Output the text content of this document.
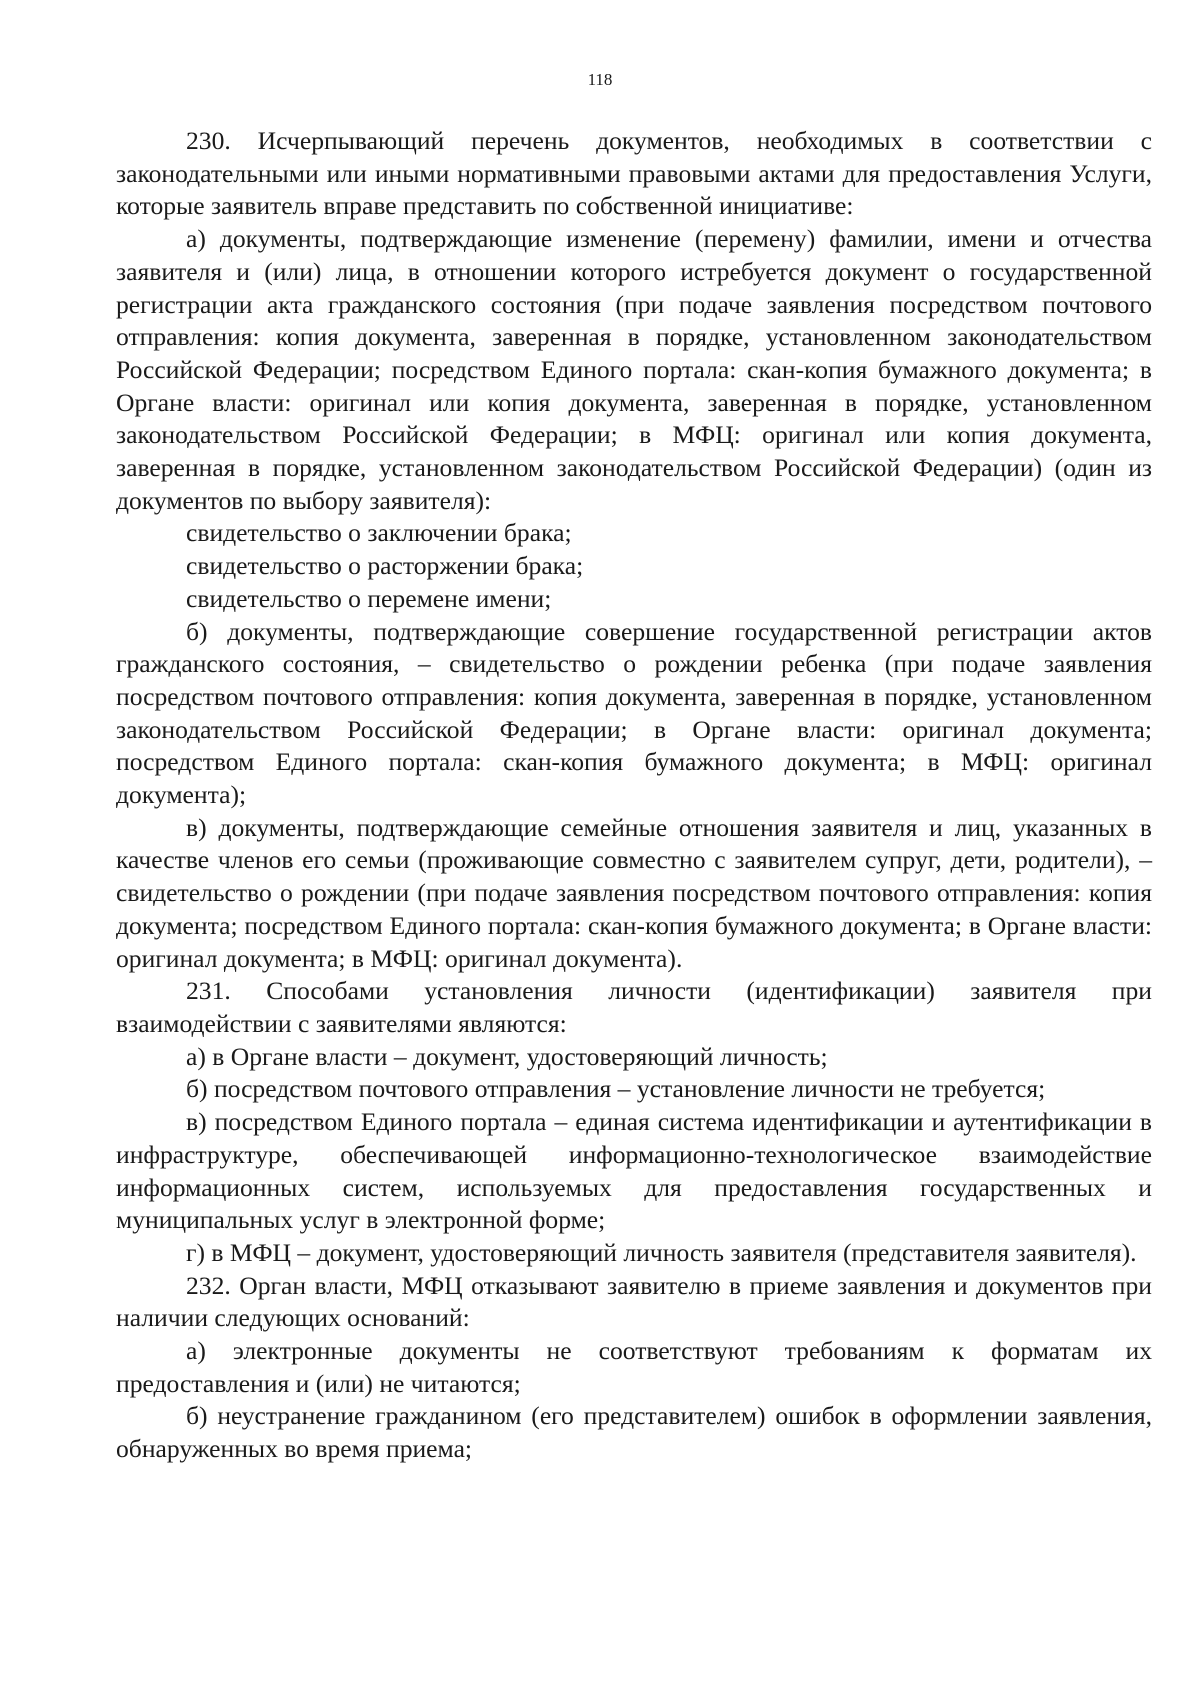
118

230. Исчерпывающий перечень документов, необходимых в соответствии с законодательными или иными нормативными правовыми актами для предоставления Услуги, которые заявитель вправе представить по собственной инициативе:

а) документы, подтверждающие изменение (перемену) фамилии, имени и отчества заявителя и (или) лица, в отношении которого истребуется документ о государственной регистрации акта гражданского состояния (при подаче заявления посредством почтового отправления: копия документа, заверенная в порядке, установленном законодательством Российской Федерации; посредством Единого портала: скан-копия бумажного документа; в Органе власти: оригинал или копия документа, заверенная в порядке, установленном законодательством Российской Федерации; в МФЦ: оригинал или копия документа, заверенная в порядке, установленном законодательством Российской Федерации) (один из документов по выбору заявителя):

свидетельство о заключении брака;

свидетельство о расторжении брака;

свидетельство о перемене имени;

б) документы, подтверждающие совершение государственной регистрации актов гражданского состояния, – свидетельство о рождении ребенка (при подаче заявления посредством почтового отправления: копия документа, заверенная в порядке, установленном законодательством Российской Федерации; в Органе власти: оригинал документа; посредством Единого портала: скан-копия бумажного документа; в МФЦ: оригинал документа);

в) документы, подтверждающие семейные отношения заявителя и лиц, указанных в качестве членов его семьи (проживающие совместно с заявителем супруг, дети, родители), – свидетельство о рождении (при подаче заявления посредством почтового отправления: копия документа; посредством Единого портала: скан-копия бумажного документа; в Органе власти: оригинал документа; в МФЦ: оригинал документа).

231. Способами установления личности (идентификации) заявителя при взаимодействии с заявителями являются:

а) в Органе власти – документ, удостоверяющий личность;

б) посредством почтового отправления – установление личности не требуется;

в) посредством Единого портала – единая система идентификации и аутентификации в инфраструктуре, обеспечивающей информационно-технологическое взаимодействие информационных систем, используемых для предоставления государственных и муниципальных услуг в электронной форме;

г) в МФЦ – документ, удостоверяющий личность заявителя (представителя заявителя).

232. Орган власти, МФЦ отказывают заявителю в приеме заявления и документов при наличии следующих оснований:

а) электронные документы не соответствуют требованиям к форматам их предоставления и (или) не читаются;

б) неустранение гражданином (его представителем) ошибок в оформлении заявления, обнаруженных во время приема;
